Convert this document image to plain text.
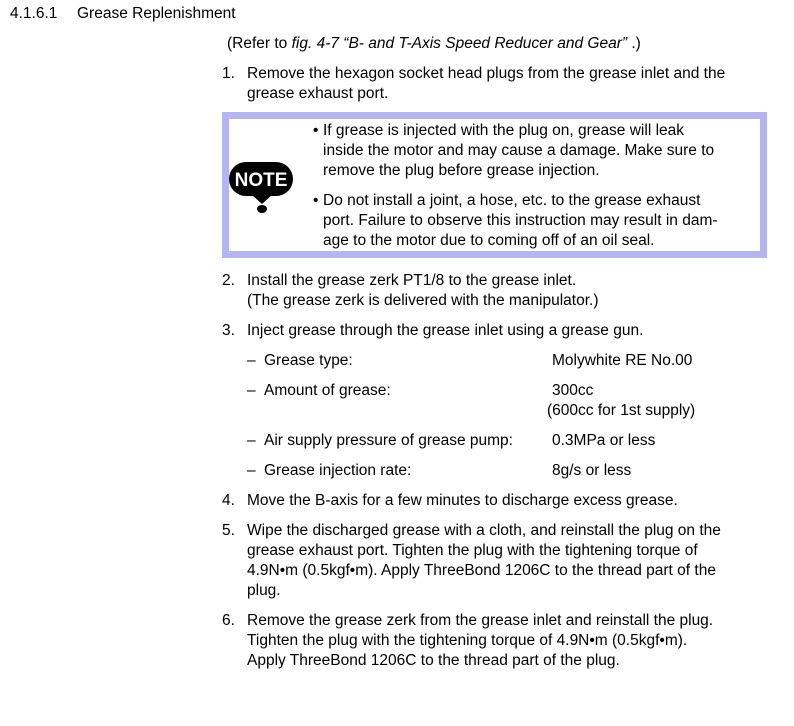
4.1.6.1 Grease Replenishment
(Refer to fig. 4-7 “B- and T-Axis Speed Reducer and Gear” .)
1. Remove the hexagon socket head plugs from the grease inlet and the
grease exhaust port.
NOTE
• If grease is injected with the plug on, grease will leak
inside the motor and may cause a damage. Make sure to
remove the plug before grease injection.
• Do not install a joint, a hose, etc. to the grease exhaust
port. Failure to observe this instruction may result in dam-
age to the motor due to coming off of an oil seal.
2. Install the grease zerk PT1/8 to the grease inlet.
(The grease zerk is delivered with the manipulator.)
3. Inject grease through the grease inlet using a grease gun.
– Grease type:	Molywhite RE No.00
– Amount of grease:	300cc
(600cc for 1st supply)
– Air supply pressure of grease pump:	0.3MPa or less
– Grease injection rate:	8g/s or less
4. Move the B-axis for a few minutes to discharge excess grease.
5. Wipe the discharged grease with a cloth, and reinstall the plug on the
grease exhaust port. Tighten the plug with the tightening torque of
4.9N•m (0.5kgf•m). Apply ThreeBond 1206C to the thread part of the
plug.
6. Remove the grease zerk from the grease inlet and reinstall the plug.
Tighten the plug with the tightening torque of 4.9N•m (0.5kgf•m).
Apply ThreeBond 1206C to the thread part of the plug.
